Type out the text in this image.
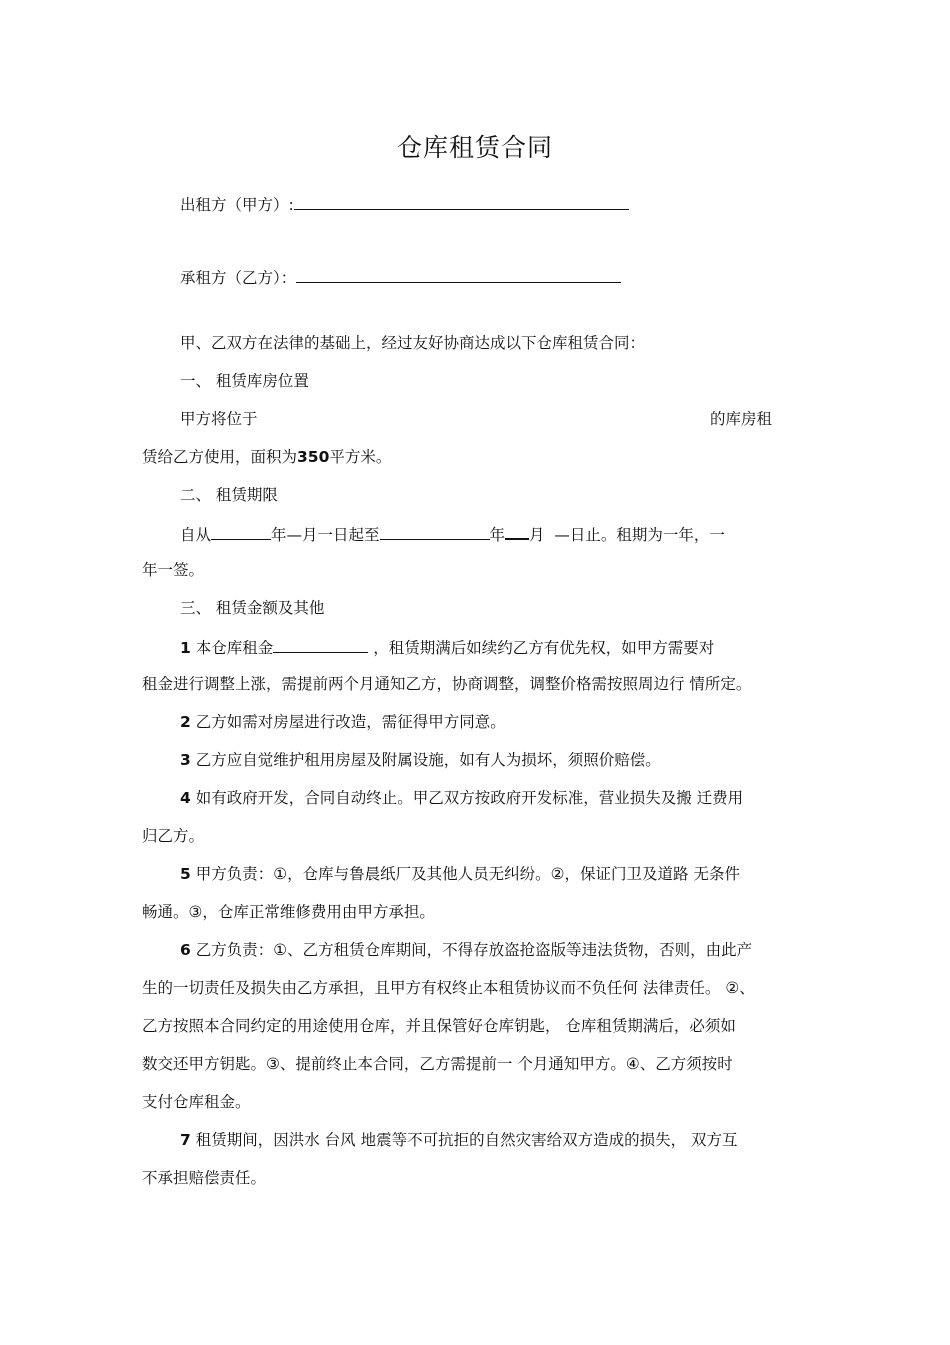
仓库租赁合同
出租方（甲方）:
承租方（乙方）：
甲、乙双方在法律的基础上，经过友好协商达成以下仓库租赁合同：
一、 租赁库房位置
甲方将位于	的库房租
赁给乙方使用，面积为350平方米。
二、 租赁期限
自从	年—月一日起至	年 月 —日止。租期为一年，一
年一签。
三、 租赁金额及其他
1 本仓库租金	，租赁期满后如续约乙方有优先权，如甲方需要对
租金进行调整上涨，需提前两个月通知乙方，协商调整，调整价格需按照周边行 情所定。
2 乙方如需对房屋进行改造，需征得甲方同意。
3 乙方应自觉维护租用房屋及附属设施，如有人为损坏，须照价赔偿。
4 如有政府开发，合同自动终止。甲乙双方按政府开发标准，营业损失及搬 迁费用
归乙方。
5 甲方负责：①，仓库与鲁晨纸厂及其他人员无纠纷。②，保证门卫及道路 无条件
畅通。③，仓库正常维修费用由甲方承担。
6 乙方负责：①、乙方租赁仓库期间，不得存放盗抢盗版等违法货物，否则，由此产
生的一切责任及损失由乙方承担，且甲方有权终止本租赁协议而不负任何 法律责任。 ②、
乙方按照本合同约定的用途使用仓库，并且保管好仓库钥匙， 仓库租赁期满后，必须如
数交还甲方钥匙。③、提前终止本合同，乙方需提前一 个月通知甲方。④、乙方须按时
支付仓库租金。
7 租赁期间，因洪水 台风 地震等不可抗拒的自然灾害给双方造成的损失， 双方互
不承担赔偿责任。
